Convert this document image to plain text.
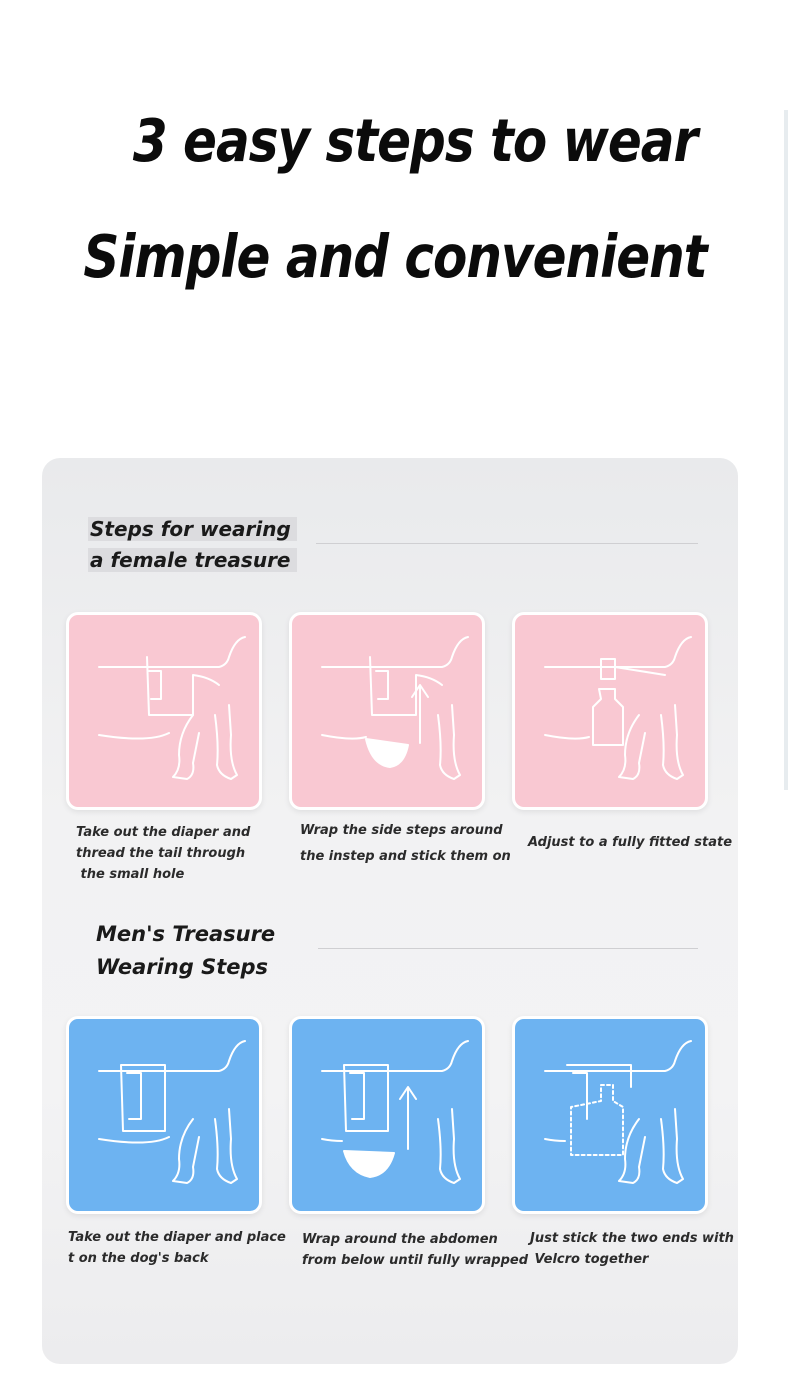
3 easy steps to wear
Simple and convenient
Steps for wearing
a female treasure
Take out the diaper and
thread the tail through
the small hole
Wrap the side steps around

the instep and stick them on
Adjust to a fully fitted state
Men's Treasure
Wearing Steps
Take out the diaper and place
t on the dog's back
Wrap around the abdomen
from below until fully wrapped
Just stick the two ends with
Velcro together
